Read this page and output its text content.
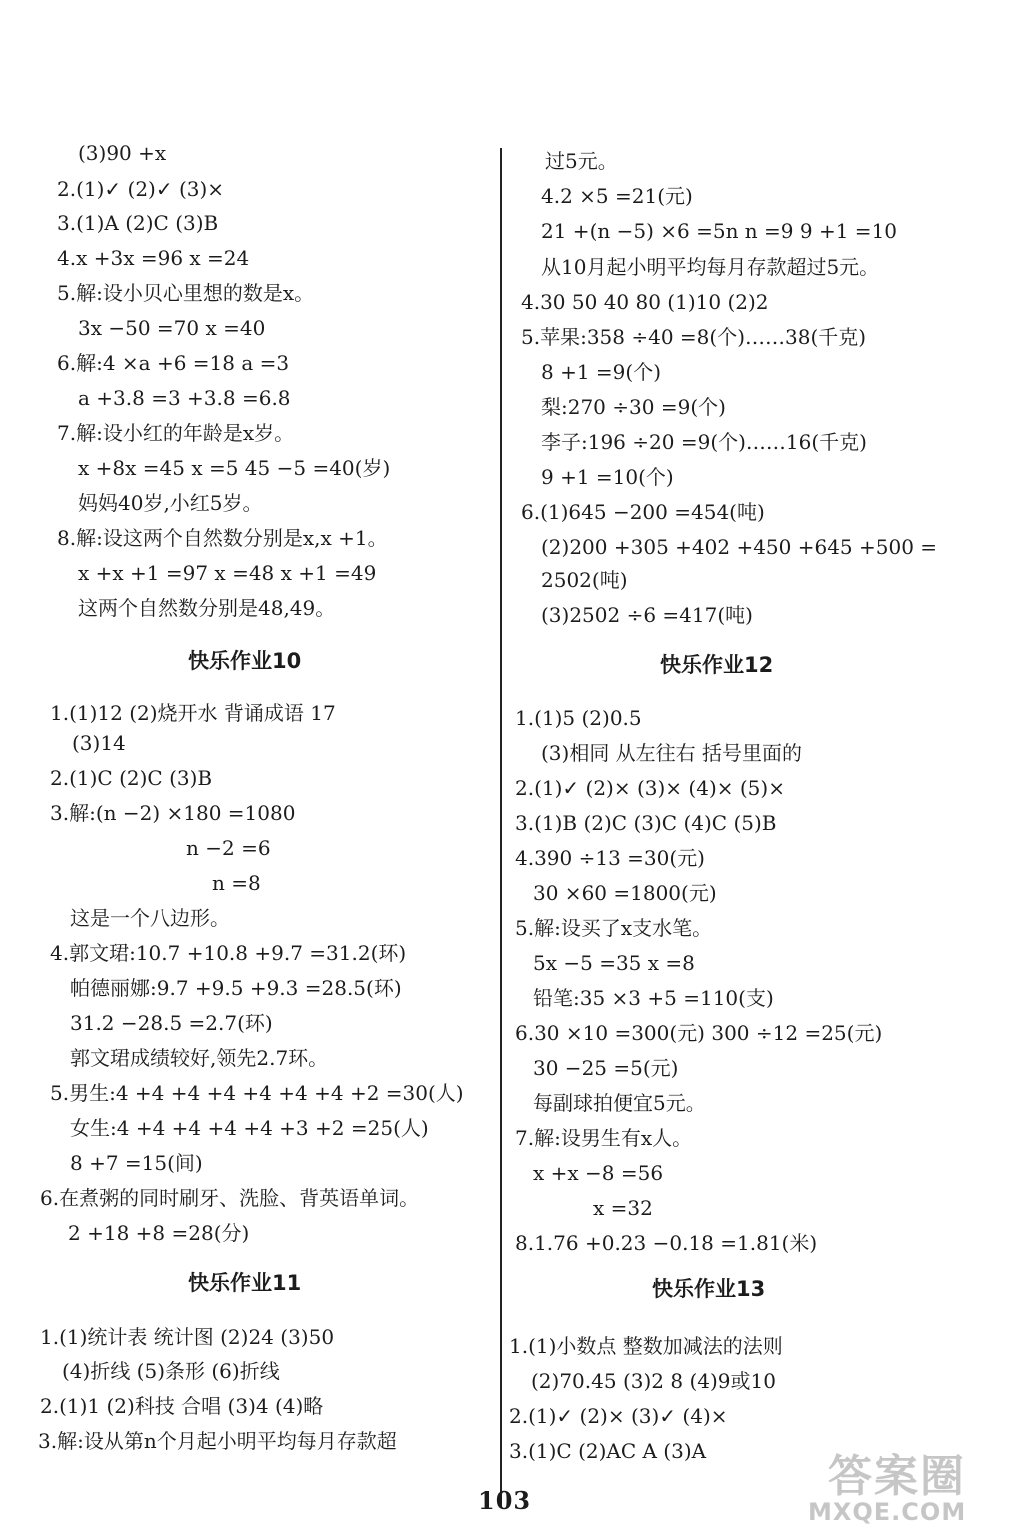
(3)90 +x
2.(1)✓ (2)✓ (3)×
3.(1)A (2)C (3)B
4.x +3x =96 x =24
5.解:设小贝心里想的数是x。
3x −50 =70 x =40
6.解:4 ×a +6 =18 a =3
a +3.8 =3 +3.8 =6.8
7.解:设小红的年龄是x岁。
x +8x =45 x =5 45 −5 =40(岁)
妈妈40岁,小红5岁。
8.解:设这两个自然数分别是x,x +1。
x +x +1 =97 x =48 x +1 =49
这两个自然数分别是48,49。
1.(1)12 (2)烧开水 背诵成语 17
(3)14
2.(1)C (2)C (3)B
3.解:(n −2) ×180 =1080
n −2 =6
n =8
这是一个八边形。
4.郭文珺:10.7 +10.8 +9.7 =31.2(环)
帕德丽娜:9.7 +9.5 +9.3 =28.5(环)
31.2 −28.5 =2.7(环)
郭文珺成绩较好,领先2.7环。
5.男生:4 +4 +4 +4 +4 +4 +4 +2 =30(人)
女生:4 +4 +4 +4 +4 +3 +2 =25(人)
8 +7 =15(间)
6.在煮粥的同时刷牙、洗脸、背英语单词。
2 +18 +8 =28(分)
1.(1)统计表 统计图 (2)24 (3)50
(4)折线 (5)条形 (6)折线
2.(1)1 (2)科技 合唱 (3)4 (4)略
3.解:设从第n个月起小明平均每月存款超
过5元。
4.2 ×5 =21(元)
21 +(n −5) ×6 =5n n =9 9 +1 =10
从10月起小明平均每月存款超过5元。
4.30 50 40 80 (1)10 (2)2
5.苹果:358 ÷40 =8(个)……38(千克)
8 +1 =9(个)
梨:270 ÷30 =9(个)
李子:196 ÷20 =9(个)……16(千克)
9 +1 =10(个)
6.(1)645 −200 =454(吨)
(2)200 +305 +402 +450 +645 +500 =
2502(吨)
(3)2502 ÷6 =417(吨)
1.(1)5 (2)0.5
(3)相同 从左往右 括号里面的
2.(1)✓ (2)× (3)× (4)× (5)×
3.(1)B (2)C (3)C (4)C (5)B
4.390 ÷13 =30(元)
30 ×60 =1800(元)
5.解:设买了x支水笔。
5x −5 =35 x =8
铅笔:35 ×3 +5 =110(支)
6.30 ×10 =300(元) 300 ÷12 =25(元)
30 −25 =5(元)
每副球拍便宜5元。
7.解:设男生有x人。
x +x −8 =56
x =32
8.1.76 +0.23 −0.18 =1.81(米)
1.(1)小数点 整数加减法的法则
(2)70.45 (3)2 8 (4)9或10
2.(1)✓ (2)× (3)✓ (4)×
3.(1)C (2)AC A (3)A
快乐作业10
快乐作业11
快乐作业12
快乐作业13
103	答案圈
MXQE.COM
